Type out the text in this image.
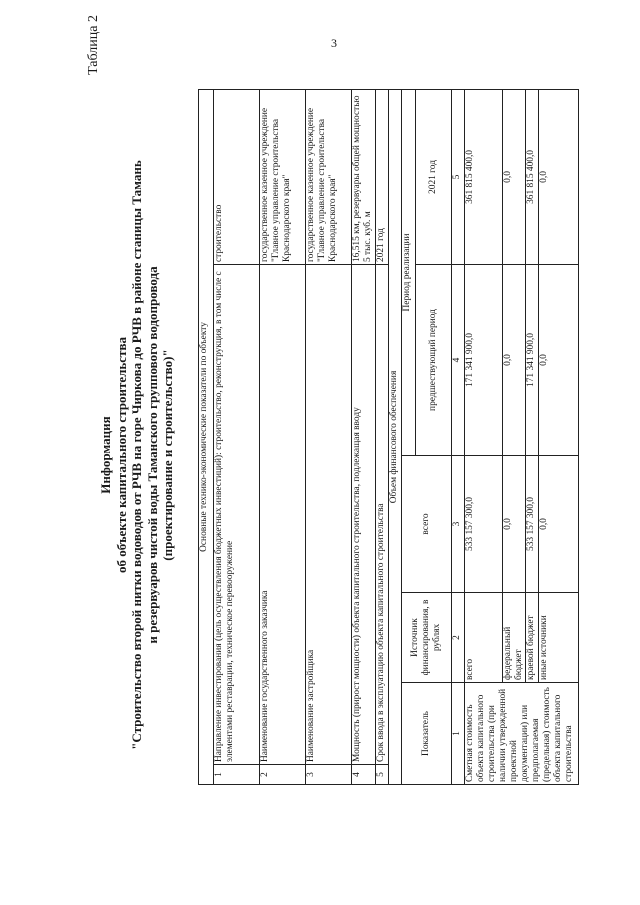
3
Таблица 2
Информация об объекте капитального строительства "Строительство второй нитки водоводов от РЧВ на горе Чиркова до РЧВ в районе станицы Тамань и резервуаров чистой воды Таманского группового водопровода (проектирование и строительство)"	Основные технико-экономические показатели по объекту					
1	Направление инвестирования (цель осуществления бюджетных инвестиций): строительство, реконструкция, в том числе с элементами реставрации, техническое перевооружение				строительство
2	Наименование государственного заказчика				государственное казенное учреждение "Главное управление строительства Краснодарского края"
3	Наименование застройщика				государственное казенное учреждение "Главное управление строительства Краснодарского края"
4	Мощность (прирост мощности) объекта капитального строительства, подлежащая вводу				16,515 км, резервуары общей мощностью 5 тыс. куб. м
5	Срок ввода в эксплуатацию объекта капитального строительства				2021 год
Объем финансового обеспечения					
Показатель		Источник финансирования, в рублях	всего	Период реализации	
				предшествующий период	2021 год
1		2	3	4	5
Сметная стоимость объекта капитального строительства (при наличии утвержденной проектной документации) или предполагаемая (предельная) стоимость объекта капитального строительства		всего	533 157 300,0	171 341 900,0	361 815 400,0
		федеральный бюджет	0,0	0,0	0,0
		краевой бюджет	533 157 300,0	171 341 900,0	361 815 400,0
		иные источники	0,0	0,0	0,0
